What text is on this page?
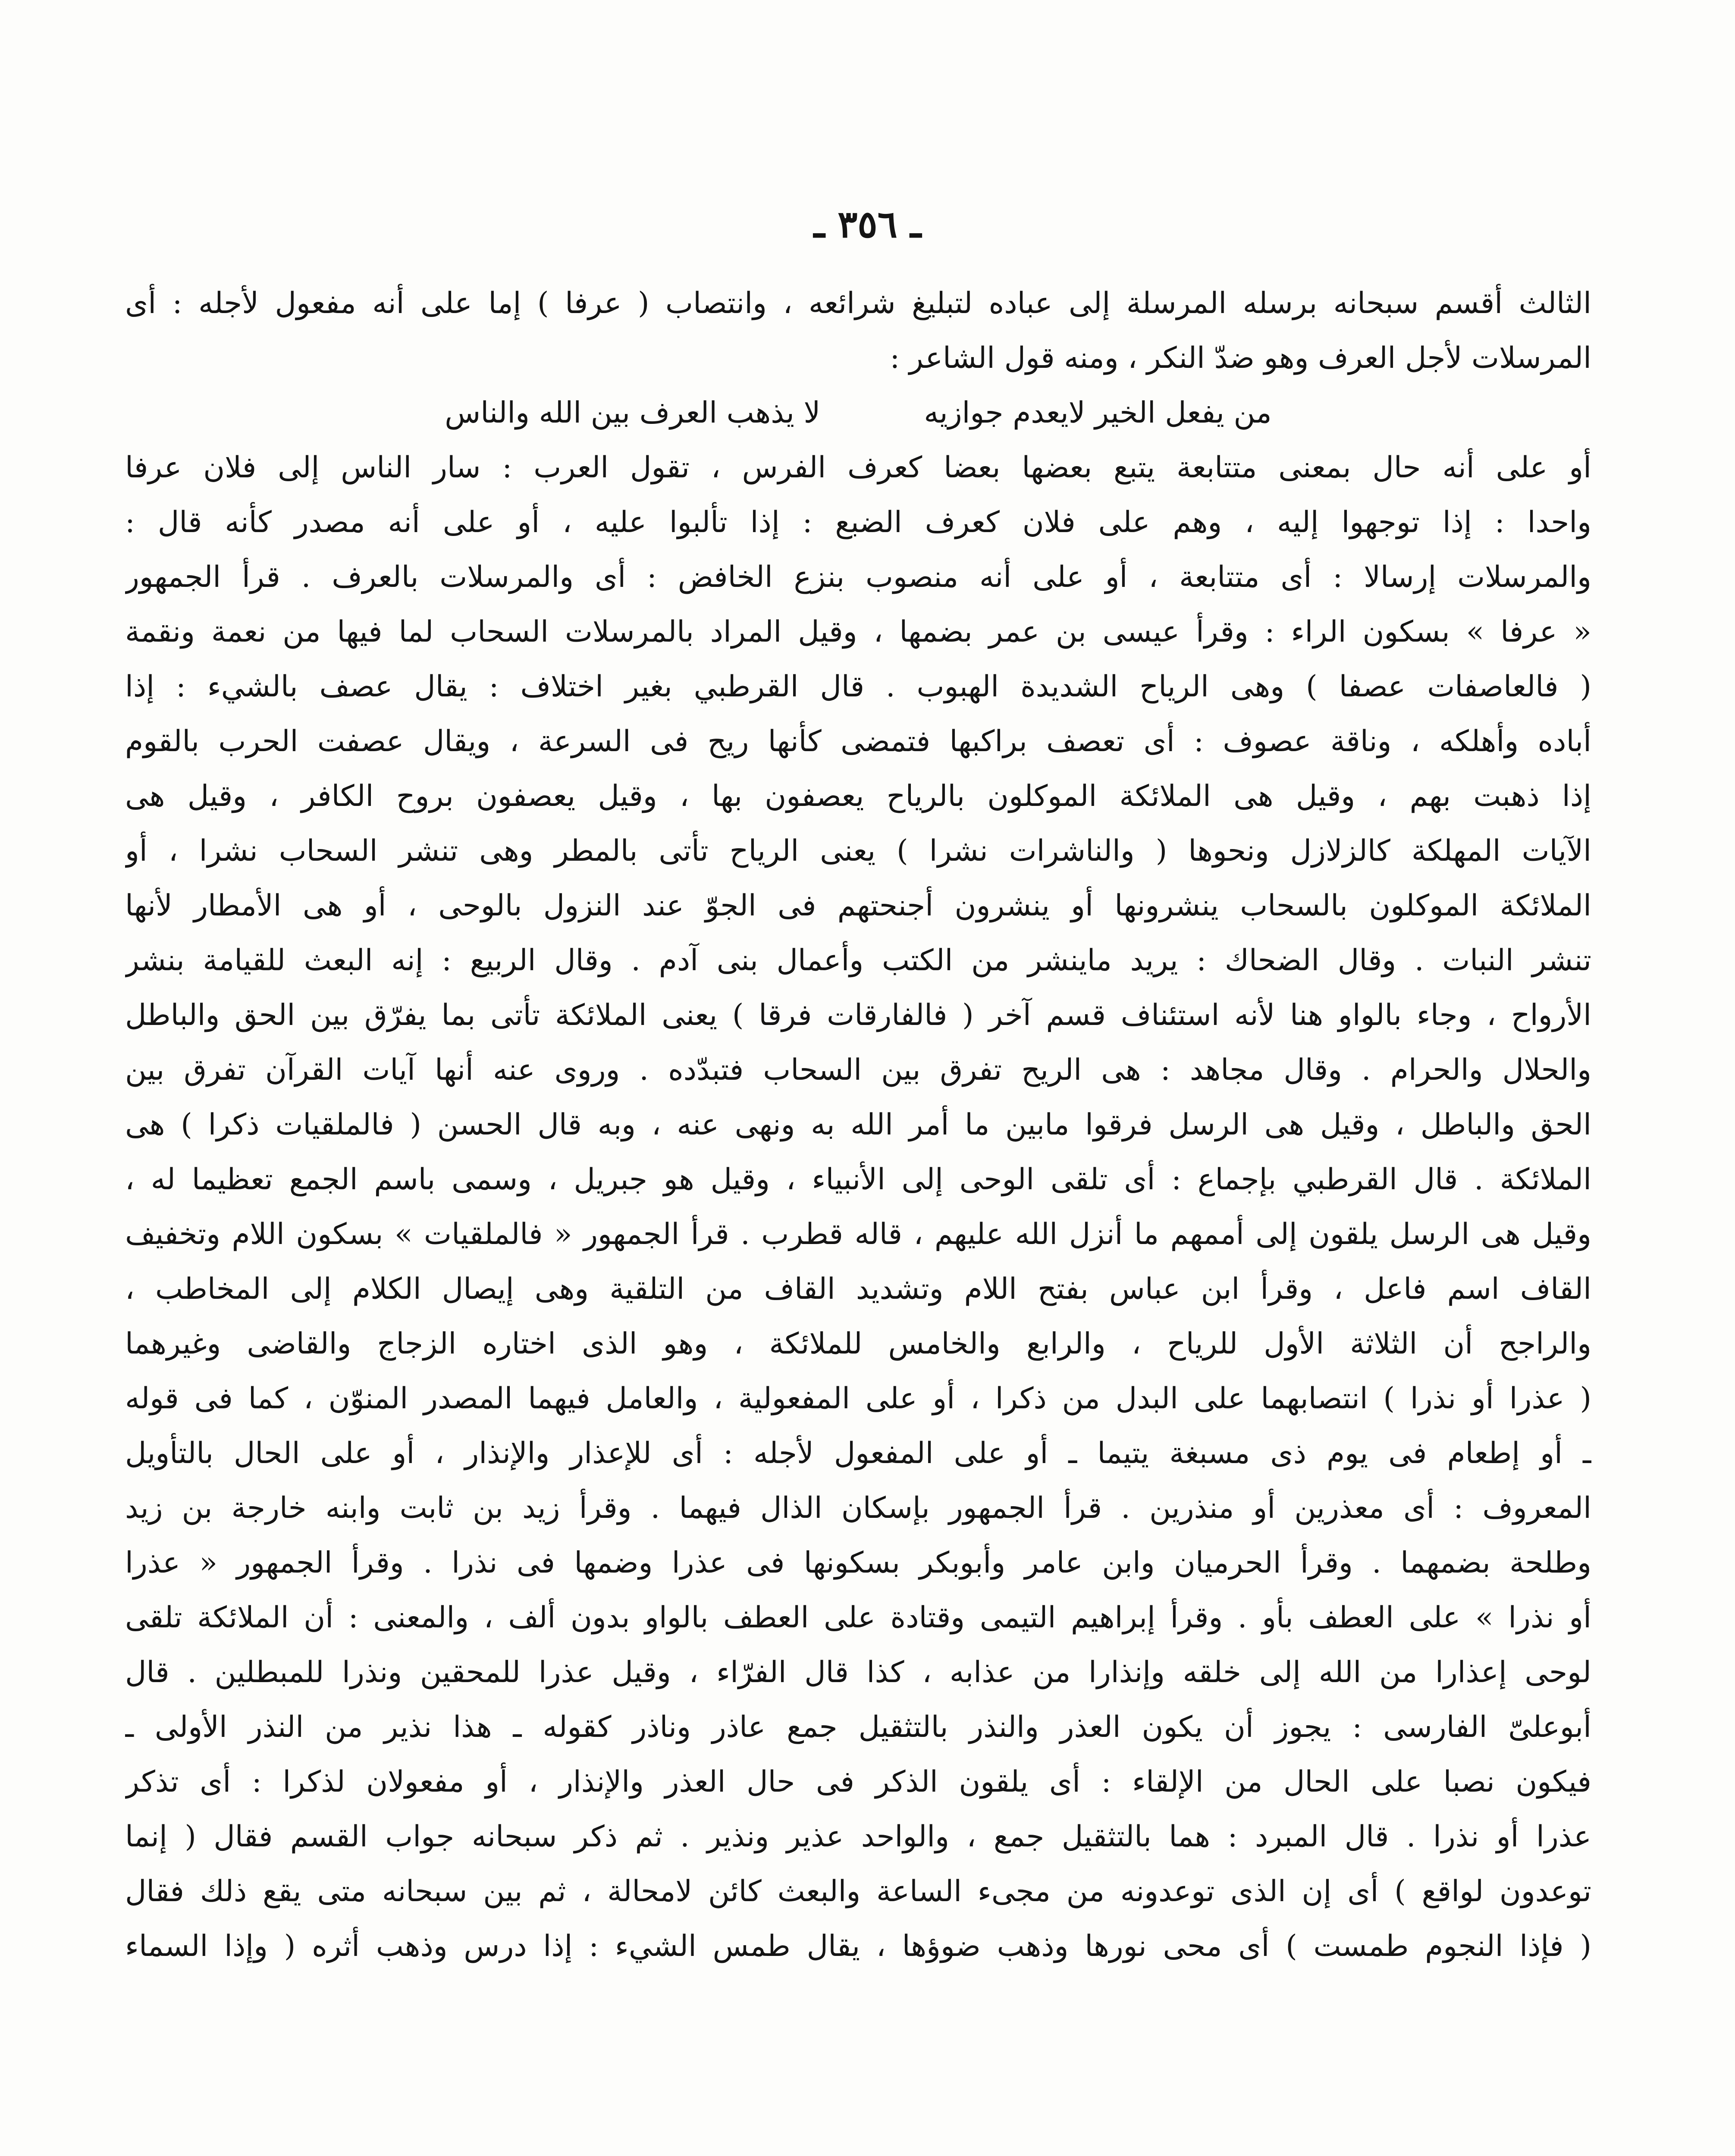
ـ ٣٥٦ ـ
الثالث أقسم سبحانه برسله المرسلة إلى عباده لتبليغ شرائعه ، وانتصاب ( عرفا ) إما على أنه مفعول لأجله : أى
المرسلات لأجل العرف وهو ضدّ النكر ، ومنه قول الشاعر :
من يفعل الخير لايعدم جوازيه
لا يذهب العرف بين الله والناس
أو على أنه حال بمعنى متتابعة يتبع بعضها بعضا كعرف الفرس ، تقول العرب : سار الناس إلى فلان عرفا
واحدا : إذا توجهوا إليه ، وهم على فلان كعرف الضبع : إذا تألبوا عليه ، أو على أنه مصدر كأنه قال :
والمرسلات إرسالا : أى متتابعة ، أو على أنه منصوب بنزع الخافض : أى والمرسلات بالعرف . قرأ الجمهور
« عرفا » بسكون الراء : وقرأ عيسى بن عمر بضمها ، وقيل المراد بالمرسلات السحاب لما فيها من نعمة ونقمة
( فالعاصفات عصفا ) وهى الرياح الشديدة الهبوب . قال القرطبي بغير اختلاف : يقال عصف بالشيء : إذا
أباده وأهلكه ، وناقة عصوف : أى تعصف براكبها فتمضى كأنها ريح فى السرعة ، ويقال عصفت الحرب بالقوم
إذا ذهبت بهم ، وقيل هى الملائكة الموكلون بالرياح يعصفون بها ، وقيل يعصفون بروح الكافر ، وقيل هى
الآيات المهلكة كالزلازل ونحوها ( والناشرات نشرا ) يعنى الرياح تأتى بالمطر وهى تنشر السحاب نشرا ، أو
الملائكة الموكلون بالسحاب ينشرونها أو ينشرون أجنحتهم فى الجوّ عند النزول بالوحى ، أو هى الأمطار لأنها
تنشر النبات . وقال الضحاك : يريد ماينشر من الكتب وأعمال بنى آدم . وقال الربيع : إنه البعث للقيامة بنشر
الأرواح ، وجاء بالواو هنا لأنه استئناف قسم آخر ( فالفارقات فرقا ) يعنى الملائكة تأتى بما يفرّق بين الحق والباطل
والحلال والحرام . وقال مجاهد : هى الريح تفرق بين السحاب فتبدّده . وروى عنه أنها آيات القرآن تفرق بين
الحق والباطل ، وقيل هى الرسل فرقوا مابين ما أمر الله به ونهى عنه ، وبه قال الحسن ( فالملقيات ذكرا ) هى
الملائكة . قال القرطبي بإجماع : أى تلقى الوحى إلى الأنبياء ، وقيل هو جبريل ، وسمى باسم الجمع تعظيما له ،
وقيل هى الرسل يلقون إلى أممهم ما أنزل الله عليهم ، قاله قطرب . قرأ الجمهور « فالملقيات » بسكون اللام وتخفيف
القاف اسم فاعل ، وقرأ ابن عباس بفتح اللام وتشديد القاف من التلقية وهى إيصال الكلام إلى المخاطب ،
والراجح أن الثلاثة الأول للرياح ، والرابع والخامس للملائكة ، وهو الذى اختاره الزجاج والقاضى وغيرهما
( عذرا أو نذرا ) انتصابهما على البدل من ذكرا ، أو على المفعولية ، والعامل فيهما المصدر المنوّن ، كما فى قوله
ـ أو إطعام فى يوم ذى مسبغة يتيما ـ أو على المفعول لأجله : أى للإعذار والإنذار ، أو على الحال بالتأويل
المعروف : أى معذرين أو منذرين . قرأ الجمهور بإسكان الذال فيهما . وقرأ زيد بن ثابت وابنه خارجة بن زيد
وطلحة بضمهما . وقرأ الحرميان وابن عامر وأبوبكر بسكونها فى عذرا وضمها فى نذرا . وقرأ الجمهور « عذرا
أو نذرا » على العطف بأو . وقرأ إبراهيم التيمى وقتادة على العطف بالواو بدون ألف ، والمعنى : أن الملائكة تلقى
لوحى إعذارا من الله إلى خلقه وإنذارا من عذابه ، كذا قال الفرّاء ، وقيل عذرا للمحقين ونذرا للمبطلين . قال
أبوعلىّ الفارسى : يجوز أن يكون العذر والنذر بالتثقيل جمع عاذر وناذر كقوله ـ هذا نذير من النذر الأولى ـ
فيكون نصبا على الحال من الإلقاء : أى يلقون الذكر فى حال العذر والإنذار ، أو مفعولان لذكرا : أى تذكر
عذرا أو نذرا . قال المبرد : هما بالتثقيل جمع ، والواحد عذير ونذير . ثم ذكر سبحانه جواب القسم فقال ( إنما
توعدون لواقع ) أى إن الذى توعدونه من مجىء الساعة والبعث كائن لامحالة ، ثم بين سبحانه متى يقع ذلك فقال
( فإذا النجوم طمست ) أى محى نورها وذهب ضوؤها ، يقال طمس الشيء : إذا درس وذهب أثره ( وإذا السماء
